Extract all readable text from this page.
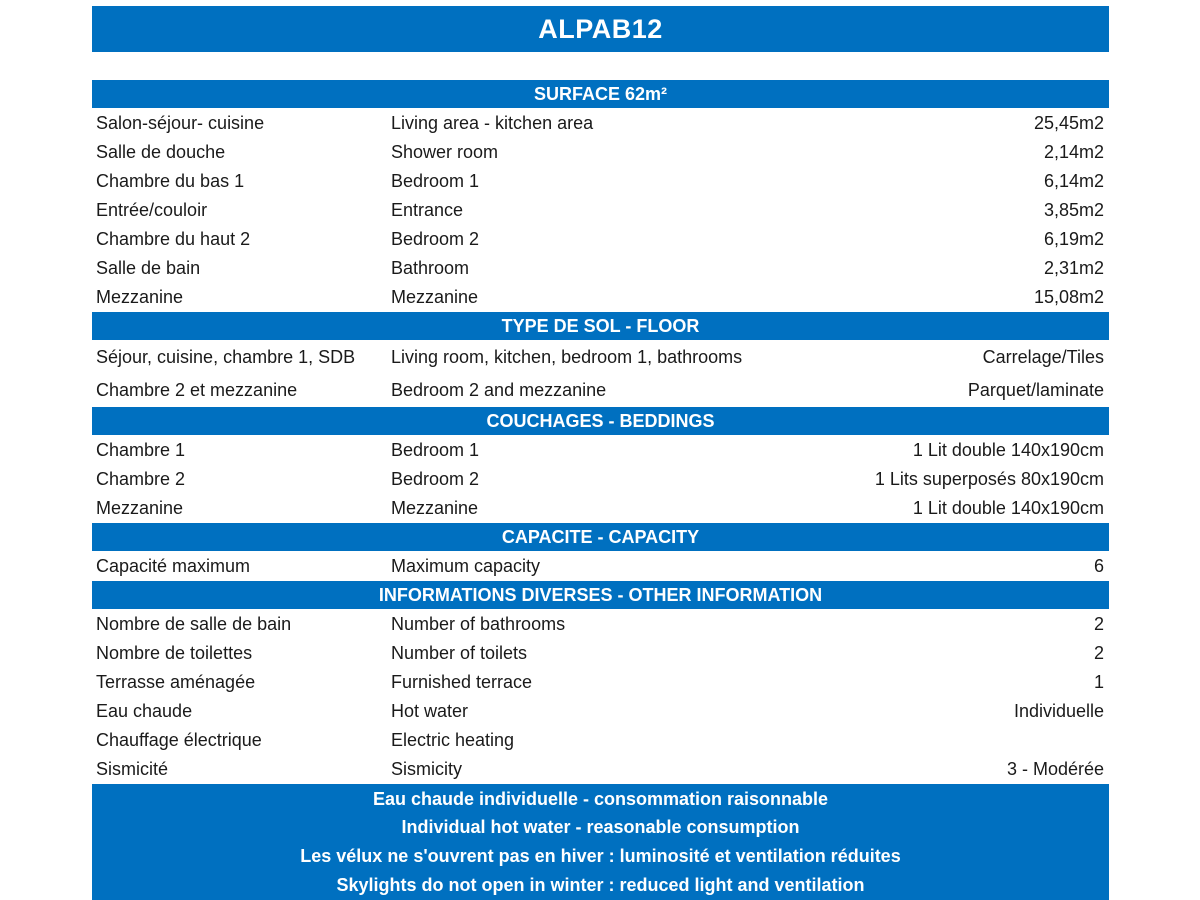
ALPAB12
SURFACE 62m²
Salon-séjour- cuisine	Living area - kitchen area	25,45m2
Salle de douche	Shower room	2,14m2
Chambre du bas 1	Bedroom 1	6,14m2
Entrée/couloir	Entrance	3,85m2
Chambre du haut 2	Bedroom 2	6,19m2
Salle de bain	Bathroom	2,31m2
Mezzanine	Mezzanine	15,08m2
TYPE DE SOL - FLOOR
Séjour, cuisine, chambre 1, SDB	Living room, kitchen, bedroom 1, bathrooms	Carrelage/Tiles
Chambre 2 et mezzanine	Bedroom 2 and mezzanine	Parquet/laminate
COUCHAGES - BEDDINGS
Chambre 1	Bedroom 1	1 Lit double 140x190cm
Chambre 2	Bedroom 2	1 Lits superposés 80x190cm
Mezzanine	Mezzanine	1 Lit double 140x190cm
CAPACITE - CAPACITY
Capacité maximum	Maximum capacity	6
INFORMATIONS DIVERSES - OTHER INFORMATION
Nombre de salle de bain	Number of bathrooms	2
Nombre de toilettes	Number of toilets	2
Terrasse aménagée	Furnished terrace	1
Eau chaude	Hot water	Individuelle
Chauffage électrique	Electric heating
Sismicité	Sismicity	3 - Modérée
Eau chaude individuelle - consommation raisonnable
Individual hot water - reasonable consumption
Les vélux ne s'ouvrent pas en hiver : luminosité et ventilation réduites
Skylights do not open in winter : reduced light and ventilation
